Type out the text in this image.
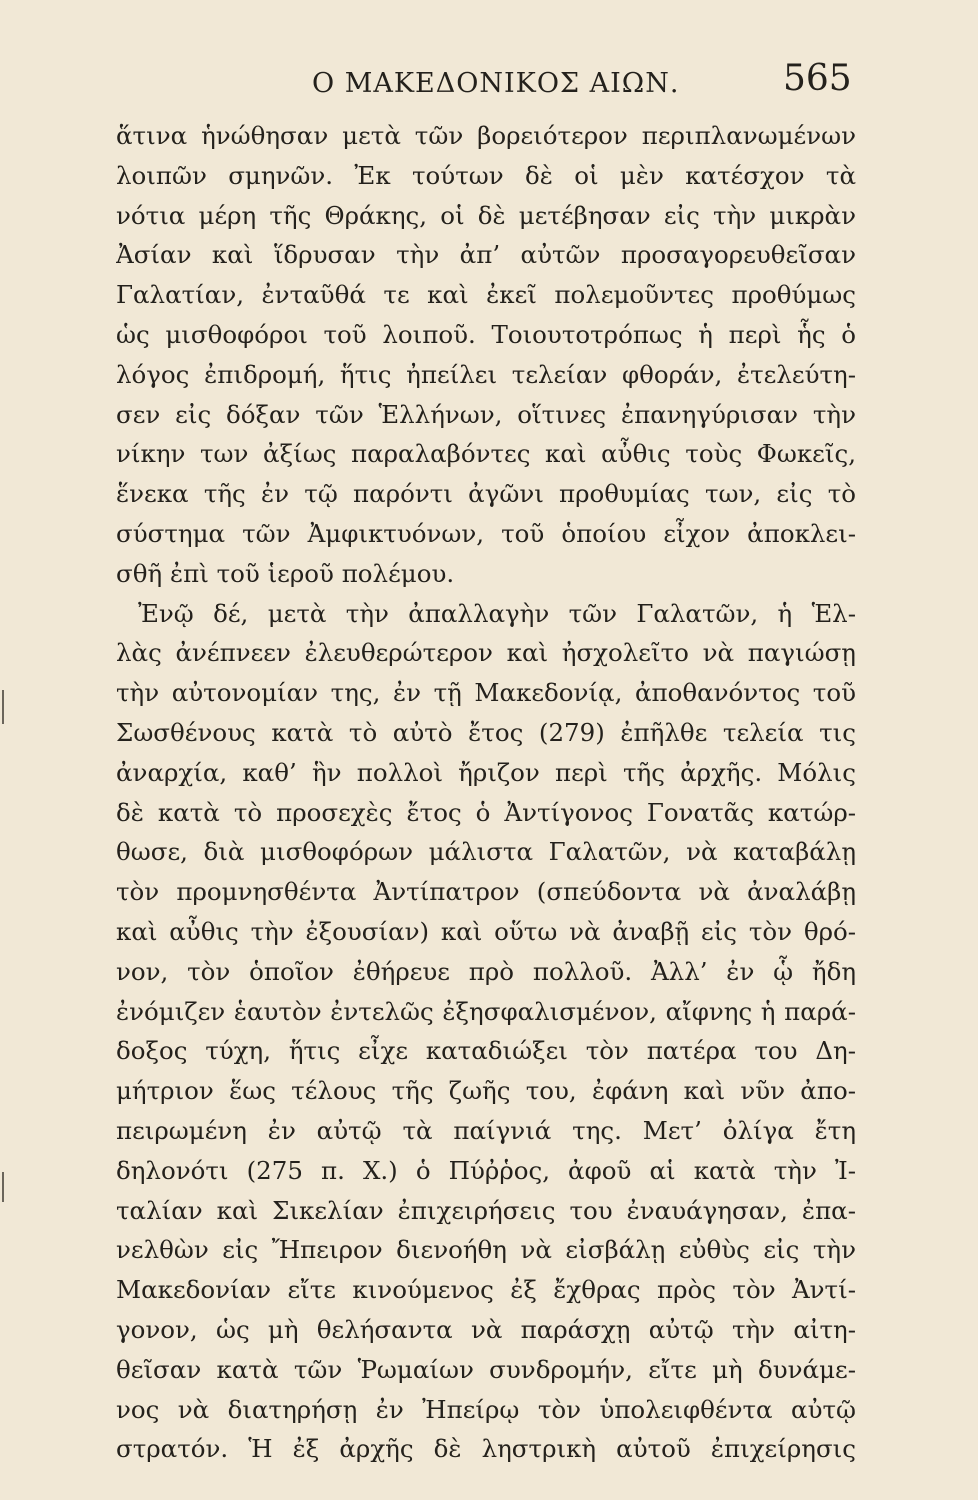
Ο ΜΑΚΕΔΟΝΙΚΟΣ ΑΙΩΝ.	565
ἅτινα ἡνώθησαν μετὰ τῶν βορειότερον περιπλανωμένων
λοιπῶν σμηνῶν. Ἐκ τούτων δὲ οἱ μὲν κατέσχον τὰ
νότια μέρη τῆς Θράκης, οἱ δὲ μετέβησαν εἰς τὴν μικρὰν
Ἀσίαν καὶ ἵδρυσαν τὴν ἀπ’ αὐτῶν προσαγορευθεῖσαν
Γαλατίαν, ἐνταῦθά τε καὶ ἐκεῖ πολεμοῦντες προθύμως
ὡς μισθοφόροι τοῦ λοιποῦ. Τοιουτοτρόπως ἡ περὶ ἧς ὁ
λόγος ἐπιδρομή, ἥτις ἠπείλει τελείαν φθοράν, ἐτελεύτη-
σεν εἰς δόξαν τῶν Ἑλλήνων, οἵτινες ἐπανηγύρισαν τὴν
νίκην των ἀξίως παραλαβόντες καὶ αὖθις τοὺς Φωκεῖς,
ἕνεκα τῆς ἐν τῷ παρόντι ἀγῶνι προθυμίας των, εἰς τὸ
σύστημα τῶν Ἀμφικτυόνων, τοῦ ὁποίου εἶχον ἀποκλει-
σθῆ ἐπὶ τοῦ ἱεροῦ πολέμου.
Ἐνῷ δέ, μετὰ τὴν ἀπαλλαγὴν τῶν Γαλατῶν, ἡ Ἑλ-
λὰς ἀνέπνεεν ἐλευθερώτερον καὶ ἠσχολεῖτο νὰ παγιώσῃ
τὴν αὐτονομίαν της, ἐν τῇ Μακεδονίᾳ, ἀποθανόντος τοῦ
Σωσθένους κατὰ τὸ αὐτὸ ἔτος (279) ἐπῆλθε τελεία τις
ἀναρχία, καθ’ ἣν πολλοὶ ἤριζον περὶ τῆς ἀρχῆς. Μόλις
δὲ κατὰ τὸ προσεχὲς ἔτος ὁ Ἀντίγονος Γονατᾶς κατώρ-
θωσε, διὰ μισθοφόρων μάλιστα Γαλατῶν, νὰ καταβάλῃ
τὸν προμνησθέντα Ἀντίπατρον (σπεύδοντα νὰ ἀναλάβῃ
καὶ αὖθις τὴν ἐξουσίαν) καὶ οὕτω νὰ ἀναβῇ εἰς τὸν θρό-
νον, τὸν ὁποῖον ἐθήρευε πρὸ πολλοῦ. Ἀλλ’ ἐν ᾧ ἤδη
ἐνόμιζεν ἑαυτὸν ἐντελῶς ἐξησφαλισμένον, αἴφνης ἡ παρά-
δοξος τύχη, ἥτις εἶχε καταδιώξει τὸν πατέρα του Δη-
μήτριον ἕως τέλους τῆς ζωῆς του, ἐφάνη καὶ νῦν ἀπο-
πειρωμένη ἐν αὐτῷ τὰ παίγνιά της. Μετ’ ὀλίγα ἔτη
δηλονότι (275 π. Χ.) ὁ Πύῤῥος, ἀφοῦ αἱ κατὰ τὴν Ἰ-
ταλίαν καὶ Σικελίαν ἐπιχειρήσεις του ἐναυάγησαν, ἐπα-
νελθὼν εἰς Ἤπειρον διενοήθη νὰ εἰσβάλῃ εὐθὺς εἰς τὴν
Μακεδονίαν εἴτε κινούμενος ἐξ ἔχθρας πρὸς τὸν Ἀντί-
γονον, ὡς μὴ θελήσαντα νὰ παράσχῃ αὐτῷ τὴν αἰτη-
θεῖσαν κατὰ τῶν Ῥωμαίων συνδρομήν, εἴτε μὴ δυνάμε-
νος νὰ διατηρήσῃ ἐν Ἠπείρῳ τὸν ὑπολειφθέντα αὐτῷ
στρατόν. Ἡ ἐξ ἀρχῆς δὲ ληστρικὴ αὐτοῦ ἐπιχείρησις
